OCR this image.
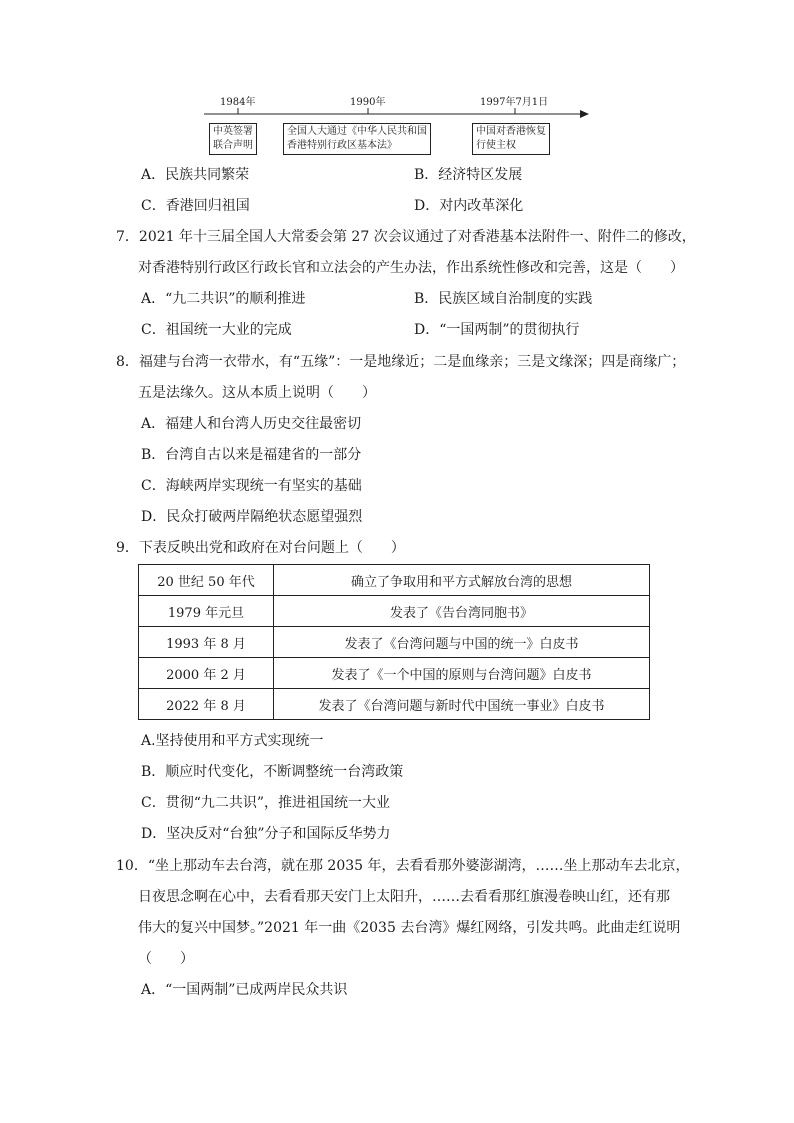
1984年	1990年	1997年7月1日
中英签署
联合声明
全国人大通过《中华人民共和国
香港特别行政区基本法》
中国对香港恢复
行使主权
A．民族共同繁荣	B．经济特区发展
C．香港回归祖国	D．对内改革深化
7．2021 年十三届全国人大常委会第 27 次会议通过了对香港基本法附件一、附件二的修改，
对香港特别行政区行政长官和立法会的产生办法，作出系统性修改和完善，这是（　　）
A．“九二共识”的顺利推进	B．民族区域自治制度的实践
C．祖国统一大业的完成	D．“一国两制”的贯彻执行
8．福建与台湾一衣带水，有“五缘”：一是地缘近；二是血缘亲；三是文缘深；四是商缘广；
五是法缘久。这从本质上说明（　　）
A．福建人和台湾人历史交往最密切
B．台湾自古以来是福建省的一部分
C．海峡两岸实现统一有坚实的基础
D．民众打破两岸隔绝状态愿望强烈
9．下表反映出党和政府在对台问题上（　　）
20 世纪 50 年代	确立了争取用和平方式解放台湾的思想
1979 年元旦	发表了《告台湾同胞书》
1993 年 8 月	发表了《台湾问题与中国的统一》白皮书
2000 年 2 月	发表了《一个中国的原则与台湾问题》白皮书
2022 年 8 月	发表了《台湾问题与新时代中国统一事业》白皮书
A.坚持使用和平方式实现统一
B．顺应时代变化，不断调整统一台湾政策
C．贯彻“九二共识”，推进祖国统一大业
D．坚决反对“台独”分子和国际反华势力
10．“坐上那动车去台湾，就在那 2035 年，去看看那外婆澎湖湾，……坐上那动车去北京，
日夜思念啊在心中，去看看那天安门上太阳升，……去看看那红旗漫卷映山红，还有那
伟大的复兴中国梦。”2021 年一曲《2035 去台湾》爆红网络，引发共鸣。此曲走红说明
（　　）
A．“一国两制”已成两岸民众共识
